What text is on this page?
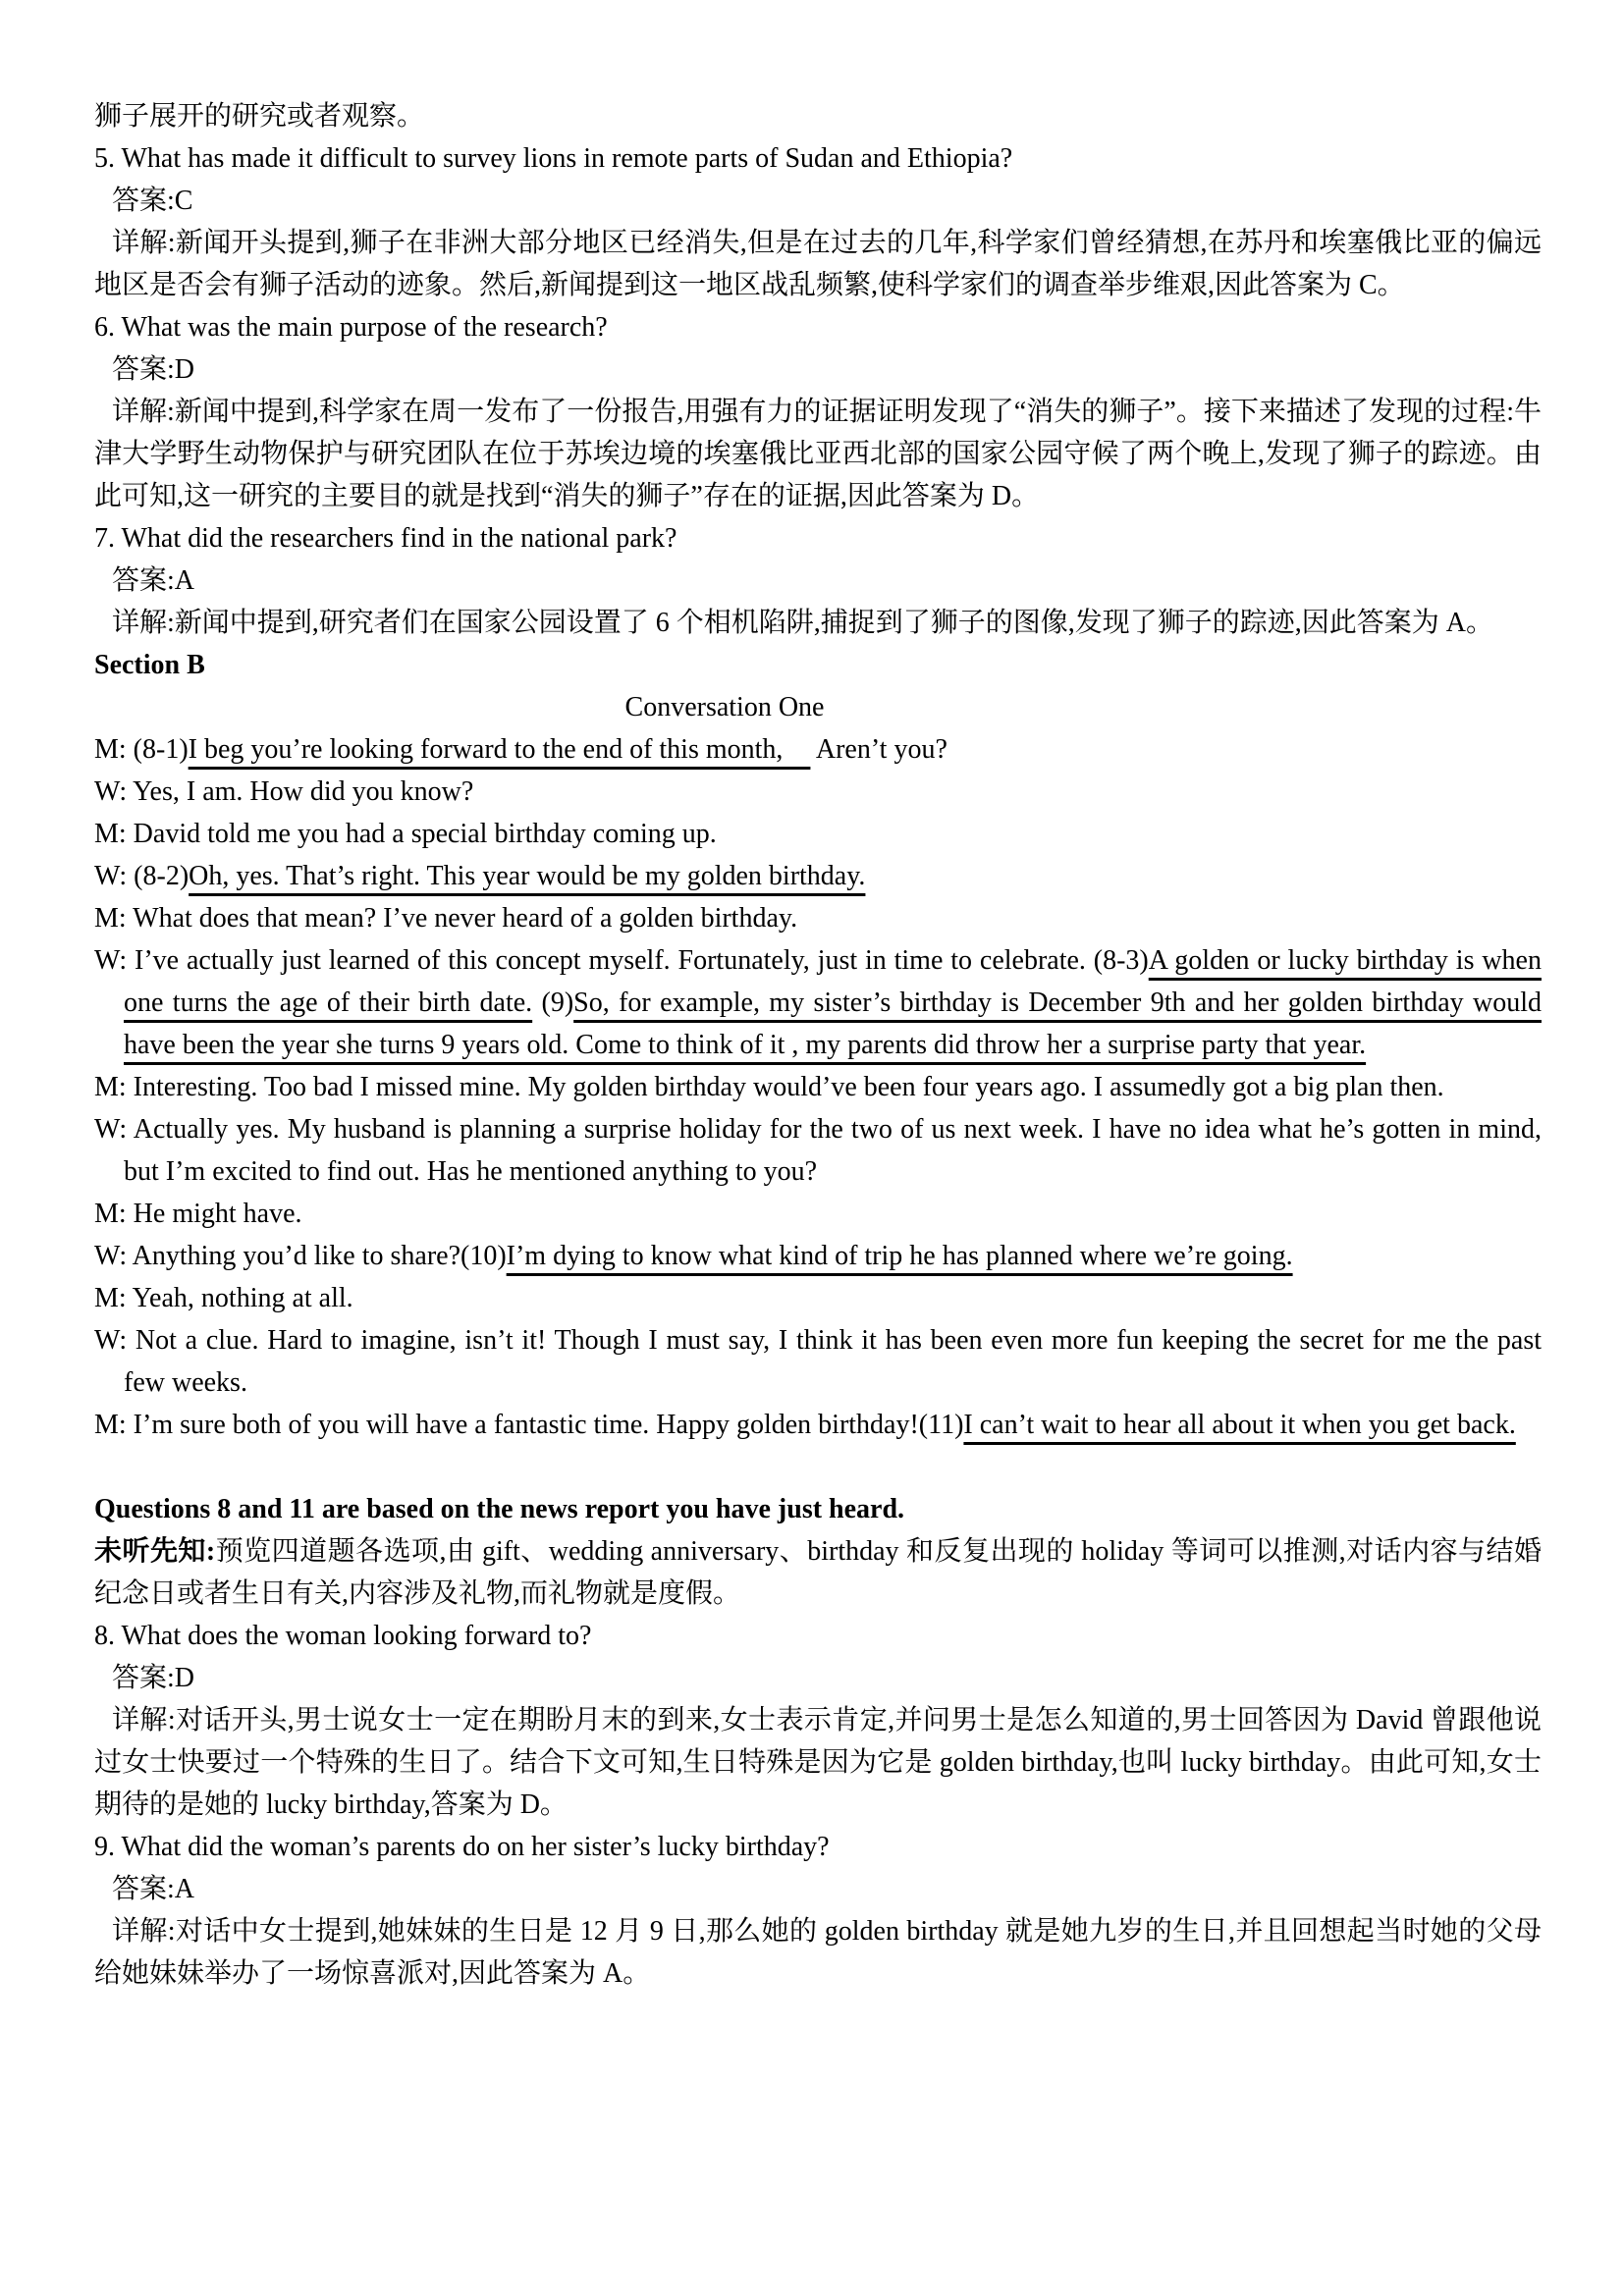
狮子展开的研究或者观察。

5. What has made it difficult to survey lions in remote parts of Sudan and Ethiopia?

答案:C

详解:新闻开头提到,狮子在非洲大部分地区已经消失,但是在过去的几年,科学家们曾经猜想,在苏丹和埃塞俄比亚的偏远地区是否会有狮子活动的迹象。然后,新闻提到这一地区战乱频繁,使科学家们的调查举步维艰,因此答案为 C。

6. What was the main purpose of the research?

答案:D

详解:新闻中提到,科学家在周一发布了一份报告,用强有力的证据证明发现了“消失的狮子”。接下来描述了发现的过程:牛津大学野生动物保护与研究团队在位于苏埃边境的埃塞俄比亚西北部的国家公园守候了两个晚上,发现了狮子的踪迹。由此可知,这一研究的主要目的就是找到“消失的狮子”存在的证据,因此答案为 D。

7. What did the researchers find in the national park?

答案:A

详解:新闻中提到,研究者们在国家公园设置了 6 个相机陷阱,捕捉到了狮子的图像,发现了狮子的踪迹,因此答案为 A。

Section B

Conversation One

M: (8-1)I beg you’re looking forward to the end of this month,　 Aren’t you?

W: Yes, I am. How did you know?

M: David told me you had a special birthday coming up.

W: (8-2)Oh, yes. That’s right. This year would be my golden birthday.

M: What does that mean? I’ve never heard of a golden birthday.

W: I’ve actually just learned of this concept myself. Fortunately, just in time to celebrate. (8-3)A golden or lucky birthday is when one turns the age of their birth date. (9)So, for example, my sister’s birthday is December 9th and her golden birthday would have been the year she turns 9 years old. Come to think of it , my parents did throw her a surprise party that year.

M: Interesting. Too bad I missed mine. My golden birthday would’ve been four years ago. I assumedly got a big plan then.

W: Actually yes. My husband is planning a surprise holiday for the two of us next week. I have no idea what he’s gotten in mind, but I’m excited to find out. Has he mentioned anything to you?

M: He might have.

W: Anything you’d like to share?(10)I’m dying to know what kind of trip he has planned where we’re going.

M: Yeah, nothing at all.

W: Not a clue. Hard to imagine, isn’t it! Though I must say, I think it has been even more fun keeping the secret for me the past few weeks.

M: I’m sure both of you will have a fantastic time. Happy golden birthday!(11)I can’t wait to hear all about it when you get back.

Questions 8 and 11 are based on the news report you have just heard.

未听先知:预览四道题各选项,由 gift、wedding anniversary、birthday 和反复出现的 holiday 等词可以推测,对话内容与结婚纪念日或者生日有关,内容涉及礼物,而礼物就是度假。

8. What does the woman looking forward to?

答案:D

详解:对话开头,男士说女士一定在期盼月末的到来,女士表示肯定,并问男士是怎么知道的,男士回答因为 David 曾跟他说过女士快要过一个特殊的生日了。结合下文可知,生日特殊是因为它是 golden birthday,也叫 lucky birthday。由此可知,女士期待的是她的 lucky birthday,答案为 D。

9. What did the woman’s parents do on her sister’s lucky birthday?

答案:A

详解:对话中女士提到,她妹妹的生日是 12 月 9 日,那么她的 golden birthday 就是她九岁的生日,并且回想起当时她的父母给她妹妹举办了一场惊喜派对,因此答案为 A。
